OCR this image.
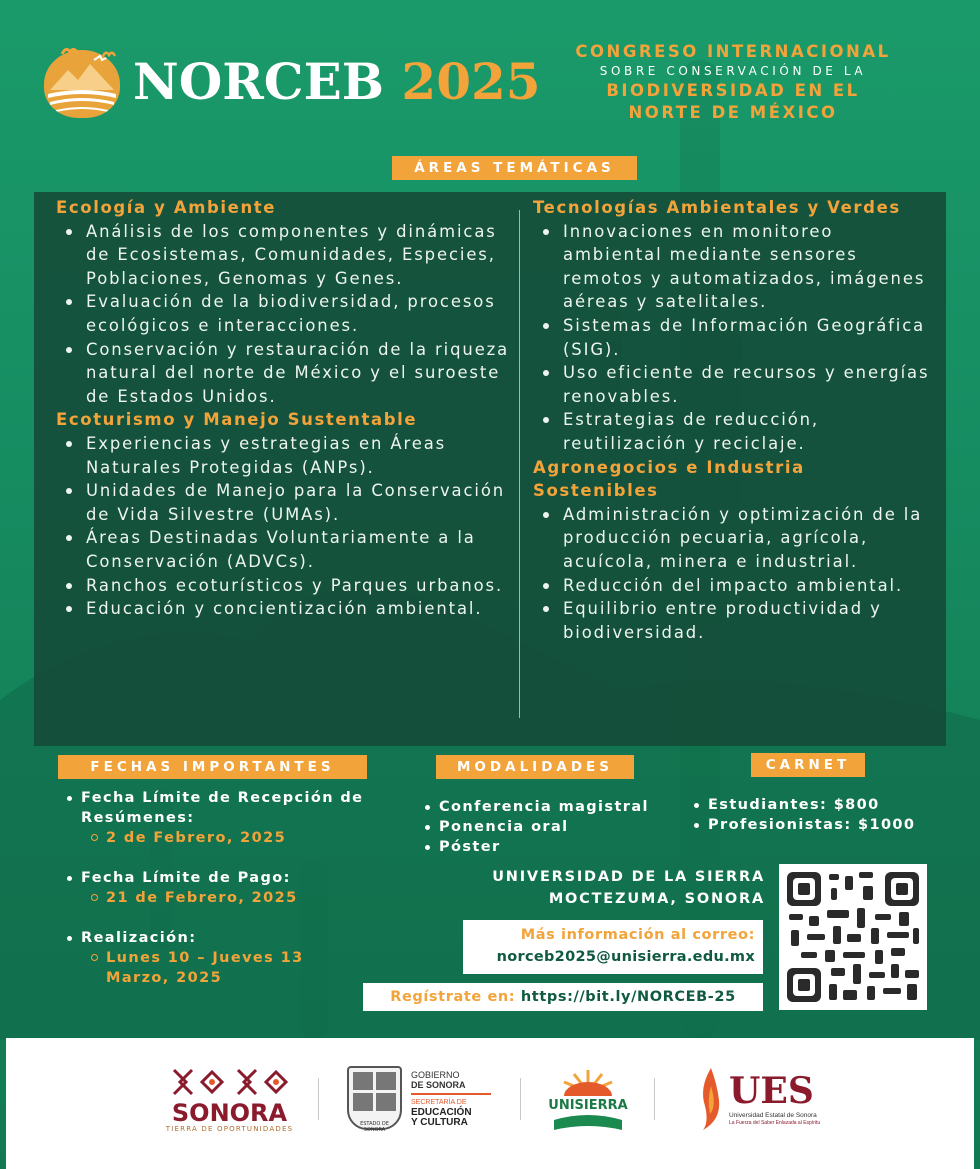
NORCEB 2025
CONGRESO INTERNACIONAL
SOBRE CONSERVACIÓN DE LA
BIODIVERSIDAD EN EL
NORTE DE MÉXICO
ÁREAS TEMÁTICAS
Ecología y Ambiente
Análisis de los componentes y dinámicas de Ecosistemas, Comunidades, Especies, Poblaciones, Genomas y Genes.
Evaluación de la biodiversidad, procesos ecológicos e interacciones.
Conservación y restauración de la riqueza natural del norte de México y el suroeste de Estados Unidos.
Ecoturismo y Manejo Sustentable
Experiencias y estrategias en Áreas Naturales Protegidas (ANPs).
Unidades de Manejo para la Conservación de Vida Silvestre (UMAs).
Áreas Destinadas Voluntariamente a la Conservación (ADVCs).
Ranchos ecoturísticos y Parques urbanos.
Educación y concientización ambiental.
Tecnologías Ambientales y Verdes
Innovaciones en monitoreo ambiental mediante sensores remotos y automatizados, imágenes aéreas y satelitales.
Sistemas de Información Geográfica (SIG).
Uso eficiente de recursos y energías renovables.
Estrategias de reducción, reutilización y reciclaje.
Agronegocios e Industria Sostenibles
Administración y optimización de la producción pecuaria, agrícola, acuícola, minera e industrial.
Reducción del impacto ambiental.
Equilibrio entre productividad y biodiversidad.
FECHAS IMPORTANTES
Fecha Límite de Recepción de Resúmenes:
2 de Febrero, 2025
Fecha Límite de Pago:
21 de Febrero, 2025
Realización:
Lunes 10 – Jueves 13 Marzo, 2025
MODALIDADES
Conferencia magistral
Ponencia oral
Póster
CARNET
Estudiantes: $800
Profesionistas: $1000
UNIVERSIDAD DE LA SIERRA
MOCTEZUMA, SONORA
Más información al correo:
norceb2025@unisierra.edu.mx
Regístrate en: https://bit.ly/NORCEB-25
SONORA
TIERRA DE OPORTUNIDADES
ESTADO DE SONORA
GOBIERNO
DE SONORA
SECRETARÍA DE
EDUCACIÓN
Y CULTURA
UNISIERRA	UES
Universidad Estatal de Sonora
La Fuerza del Saber Enlazada al Espíritu
